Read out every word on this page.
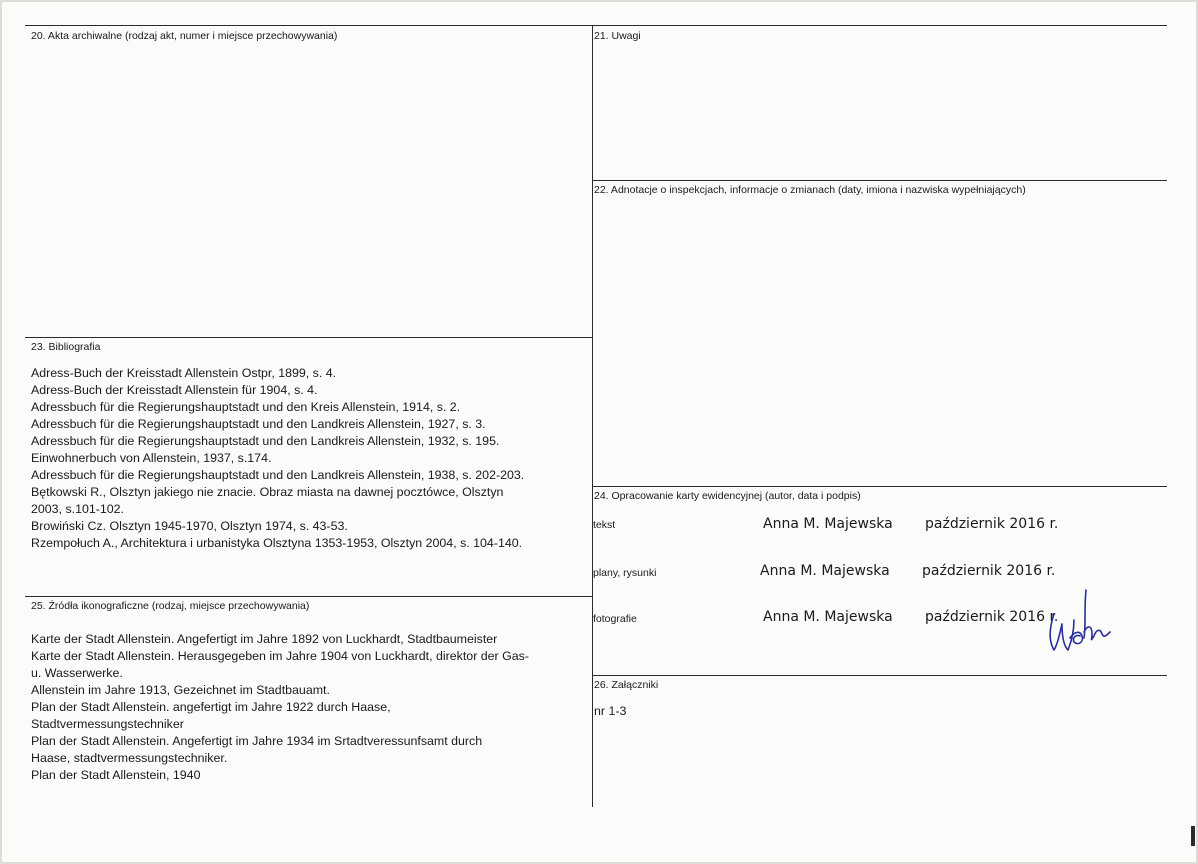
20. Akta archiwalne (rodzaj akt, numer i miejsce przechowywania)	21. Uwagi
22. Adnotacje o inspekcjach, informacje o zmianach (daty, imiona i nazwiska wypełniających)
23. Bibliografia
Adress-Buch der Kreisstadt Allenstein Ostpr, 1899, s. 4.
Adress-Buch der Kreisstadt Allenstein für 1904, s. 4.
Adressbuch für die Regierungshauptstadt und den Kreis Allenstein, 1914, s. 2.
Adressbuch für die Regierungshauptstadt und den Landkreis Allenstein, 1927, s. 3.
Adressbuch für die Regierungshauptstadt und den Landkreis Allenstein, 1932, s. 195.
Einwohnerbuch von Allenstein, 1937, s.174.
Adressbuch für die Regierungshauptstadt und den Landkreis Allenstein, 1938, s. 202-203.
Bętkowski R., Olsztyn jakiego nie znacie. Obraz miasta na dawnej pocztówce, Olsztyn
2003, s.101-102.
Browiński Cz. Olsztyn 1945-1970, Olsztyn 1974, s. 43-53.
Rzempołuch A., Architektura i urbanistyka Olsztyna 1353-1953, Olsztyn 2004, s. 104-140.
24. Opracowanie karty ewidencyjnej (autor, data i podpis)
tekst	Anna M. Majewska październik 2016 r.
plany, rysunki	Anna M. Majewska październik 2016 r.
fotografie	Anna M. Majewska październik 2016 r.
25. Źródła ikonograficzne (rodzaj, miejsce przechowywania)
Karte der Stadt Allenstein. Angefertigt im Jahre 1892 von Luckhardt, Stadtbaumeister
Karte der Stadt Allenstein. Herausgegeben im Jahre 1904 von Luckhardt, direktor der Gas-
u. Wasserwerke.
Allenstein im Jahre 1913, Gezeichnet im Stadtbauamt.
Plan der Stadt Allenstein. angefertigt im Jahre 1922 durch Haase,
Stadtvermessungstechniker
Plan der Stadt Allenstein. Angefertigt im Jahre 1934 im Srtadtveressunfsamt durch
Haase, stadtvermessungstechniker.
Plan der Stadt Allenstein, 1940
26. Załączniki
nr 1-3
